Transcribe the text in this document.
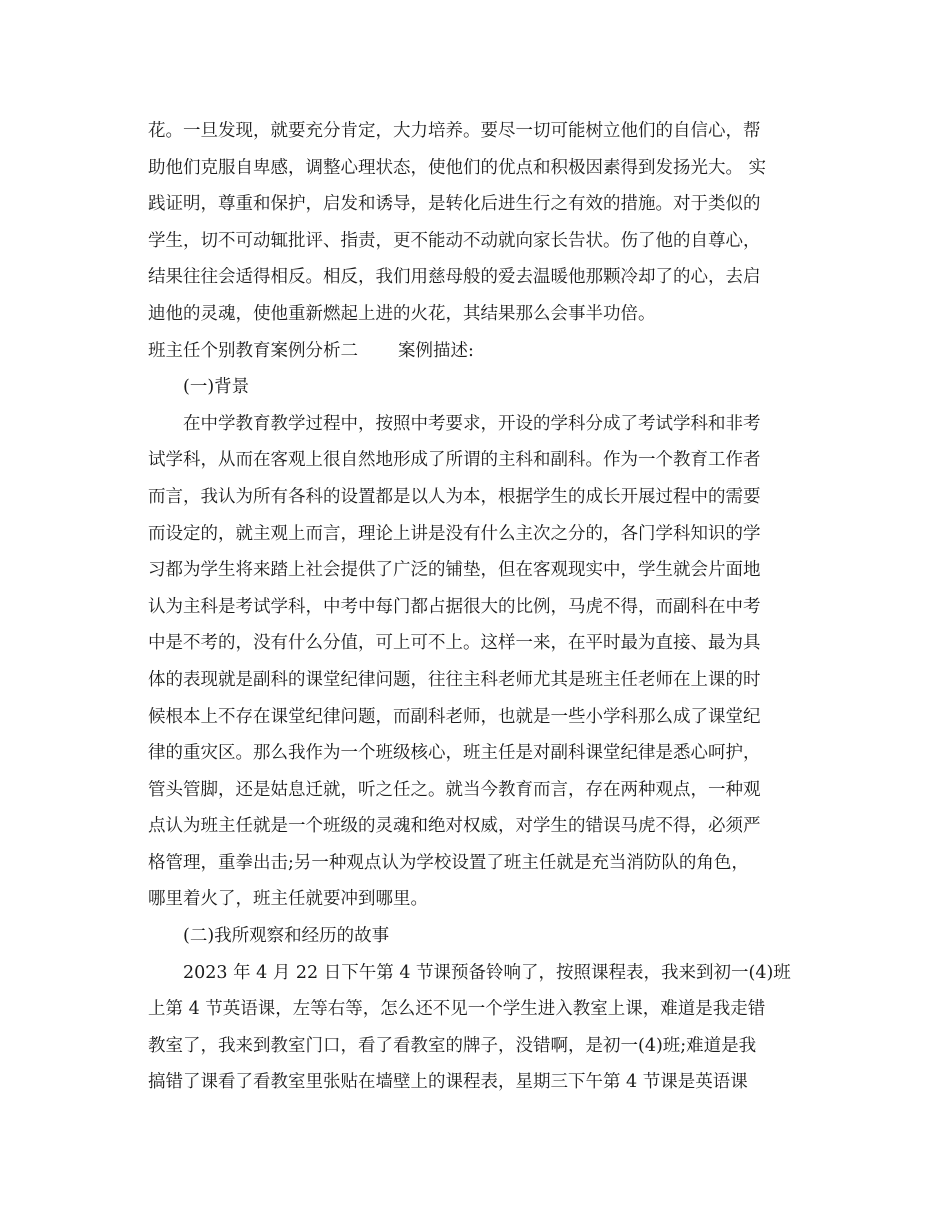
花。一旦发现，就要充分肯定，大力培养。要尽一切可能树立他们的自信心，帮
助他们克服自卑感，调整心理状态，使他们的优点和积极因素得到发扬光大。 实
践证明，尊重和保护，启发和诱导，是转化后进生行之有效的措施。对于类似的
学生，切不可动辄批评、指责，更不能动不动就向家长告状。伤了他的自尊心，
结果往往会适得相反。相反，我们用慈母般的爱去温暖他那颗冷却了的心，去启
迪他的灵魂，使他重新燃起上进的火花，其结果那么会事半功倍。
班主任个别教育案例分析二 案例描述:
(一)背景
在中学教育教学过程中，按照中考要求，开设的学科分成了考试学科和非考
试学科，从而在客观上很自然地形成了所谓的主科和副科。作为一个教育工作者
而言，我认为所有各科的设置都是以人为本，根据学生的成长开展过程中的需要
而设定的，就主观上而言，理论上讲是没有什么主次之分的，各门学科知识的学
习都为学生将来踏上社会提供了广泛的铺垫，但在客观现实中，学生就会片面地
认为主科是考试学科，中考中每门都占据很大的比例，马虎不得，而副科在中考
中是不考的，没有什么分值，可上可不上。这样一来，在平时最为直接、最为具
体的表现就是副科的课堂纪律问题，往往主科老师尤其是班主任老师在上课的时
候根本上不存在课堂纪律问题，而副科老师，也就是一些小学科那么成了课堂纪
律的重灾区。那么我作为一个班级核心，班主任是对副科课堂纪律是悉心呵护，
管头管脚，还是姑息迁就，听之任之。就当今教育而言，存在两种观点，一种观
点认为班主任就是一个班级的灵魂和绝对权威，对学生的错误马虎不得，必须严
格管理，重拳出击;另一种观点认为学校设置了班主任就是充当消防队的角色，
哪里着火了，班主任就要冲到哪里。
(二)我所观察和经历的故事
2023 年 4 月 22 日下午第 4 节课预备铃响了，按照课程表，我来到初一(4)班
上第 4 节英语课，左等右等，怎么还不见一个学生进入教室上课，难道是我走错
教室了，我来到教室门口，看了看教室的牌子，没错啊，是初一(4)班;难道是我
搞错了课看了看教室里张贴在墙壁上的课程表，星期三下午第 4 节课是英语课
